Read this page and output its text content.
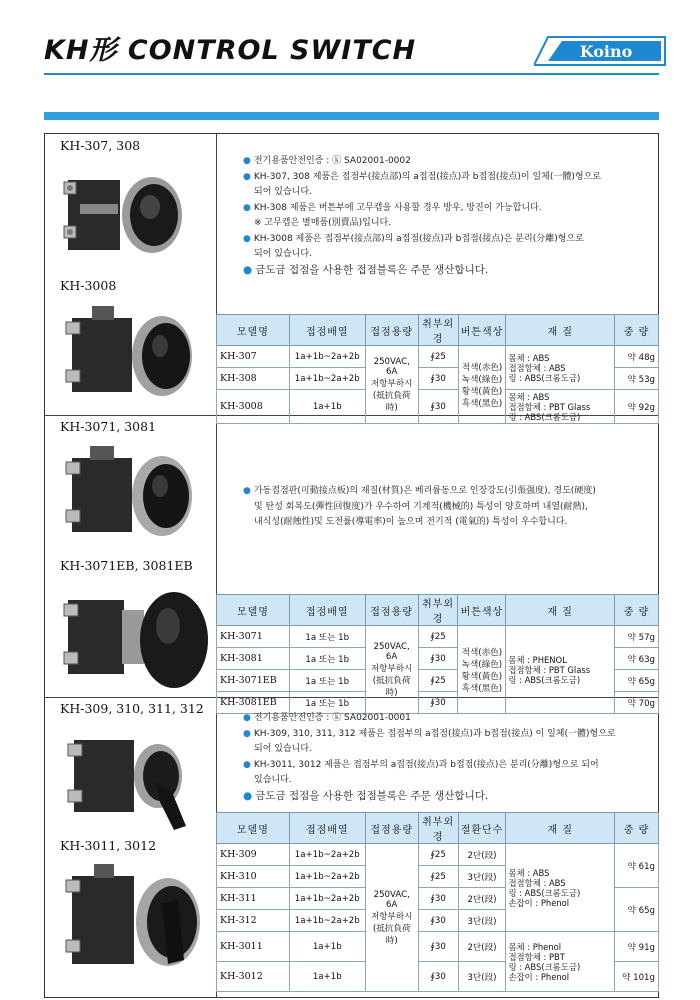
KH形 CONTROL SWITCH	Koino
KH-307, 308
KH-3008
● 전기용품안전인증 : ⓚ SA02001-0002
● KH-307, 308 제품은 접점부(接点部)의 a접점(接点)과 b접점(接点)이 일체(一體)형으로
되어 있습니다.
● KH-308 제품은 버튼부에 고무캡을 사용할 경우 방우, 방진이 가능합니다.
※ 고무캡은 별매품(別賣品)입니다.
● KH-3008 제품은 접점부(接点部)의 a접점(接点)과 b접점(接点)은 분리(分離)형으로
되어 있습니다.
● 금도금 접점을 사용한 접점블록은 주문 생산합니다.
모델명	접점배열	접점용량	취부외경	버튼색상	재 질	중 량
KH-307	1a+1b~2a+2b	250VAC, 6A
저항부하시
(抵抗負荷時)	∮25	적색(赤色)
녹색(綠色)
황색(黃色)
흑색(黑色)	몸체 : ABS
접점함체 : ABS
링 : ABS(크롬도금)	약 48g
KH-308	1a+1b~2a+2b		∮30			약 53g
KH-3008	1a+1b		∮30		몸체 : ABS
접점함체 : PBT Glass
링 : ABS(크롬도금)	약 92g
KH-3071, 3081
KH-3071EB, 3081EB
● 가동접점판(可動接点板)의 재질(材質)은 베리륨동으로 인장강도(引張强度), 경도(硬度)
및 탄성 회복도(彈性回復度)가 우수하여 기계적(機械的) 특성이 양호하며 내열(耐熱),
내식성(耐蝕性)및 도전률(導電率)이 높으며 전기적 (電氣的) 특성이 우수합니다.
모델명	접점배열	접점용량	취부외경	버튼색상	재 질	중 량
KH-3071	1a 또는 1b	250VAC, 6A
저항부하시
(抵抗負荷時)	∮25	적색(赤色)
녹색(綠色)
황색(黃色)
흑색(黑色)	몸체 : PHENOL
접점함체 : PBT Glass
링 : ABS(크롬도금)	약 57g
KH-3081	1a 또는 1b		∮30			약 63g
KH-3071EB	1a 또는 1b		∮25			약 65g
KH-3081EB	1a 또는 1b		∮30			약 70g
KH-309, 310, 311, 312
KH-3011, 3012
● 전기용품안전인증 : ⓚ SA02001-0001
● KH-309, 310, 311, 312 제품은 접점부의 a접점(接点)과 b접점(接点) 이 일체(一體)형으로
되어 있습니다.
● KH-3011, 3012 제품은 접점부의 a접점(接点)과 b접점(接点)은 분리(分離)형으로 되어
있습니다.
● 금도금 접점을 사용한 접점블록은 주문 생산합니다.
모델명	접점배열	접점용량	취부외경	절환단수	재 질	중 량
KH-309	1a+1b~2a+2b	250VAC, 6A
저항부하시
(抵抗負荷時)	∮25	2단(段)	몸체 : ABS
접점함체 : ABS
링 : ABS(크롬도금)
손잡이 : Phenol	약 61g
KH-310	1a+1b~2a+2b		∮25	3단(段)		
KH-311	1a+1b~2a+2b		∮30	2단(段)		약 65g
KH-312	1a+1b~2a+2b		∮30	3단(段)		
KH-3011	1a+1b		∮30	2단(段)	몸체 : Phenol
접점함체 : PBT
링 : ABS(크롬도금)
손잡이 : Phenol	약 91g
KH-3012	1a+1b		∮30	3단(段)		약 101g
